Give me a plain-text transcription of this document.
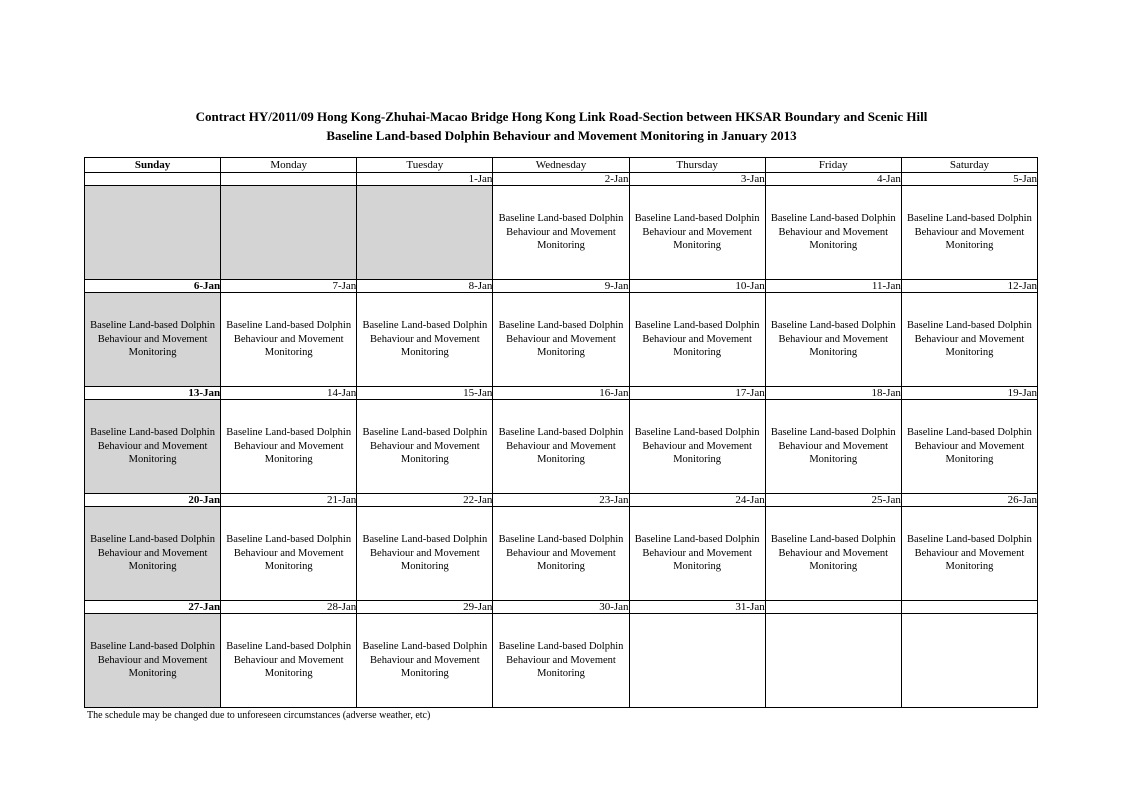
Contract HY/2011/09 Hong Kong-Zhuhai-Macao Bridge Hong Kong Link Road-Section between HKSAR Boundary and Scenic Hill
Baseline Land-based Dolphin Behaviour and Movement Monitoring in January 2013
Sunday	Monday	Tuesday	Wednesday	Thursday	Friday	Saturday
		1-Jan	2-Jan	3-Jan	4-Jan	5-Jan
			Baseline Land-based Dolphin Behaviour and Movement Monitoring	Baseline Land-based Dolphin Behaviour and Movement Monitoring	Baseline Land-based Dolphin Behaviour and Movement Monitoring	Baseline Land-based Dolphin Behaviour and Movement Monitoring
6-Jan	7-Jan	8-Jan	9-Jan	10-Jan	11-Jan	12-Jan
Baseline Land-based Dolphin Behaviour and Movement Monitoring	Baseline Land-based Dolphin Behaviour and Movement Monitoring	Baseline Land-based Dolphin Behaviour and Movement Monitoring	Baseline Land-based Dolphin Behaviour and Movement Monitoring	Baseline Land-based Dolphin Behaviour and Movement Monitoring	Baseline Land-based Dolphin Behaviour and Movement Monitoring	Baseline Land-based Dolphin Behaviour and Movement Monitoring
13-Jan	14-Jan	15-Jan	16-Jan	17-Jan	18-Jan	19-Jan
Baseline Land-based Dolphin Behaviour and Movement Monitoring	Baseline Land-based Dolphin Behaviour and Movement Monitoring	Baseline Land-based Dolphin Behaviour and Movement Monitoring	Baseline Land-based Dolphin Behaviour and Movement Monitoring	Baseline Land-based Dolphin Behaviour and Movement Monitoring	Baseline Land-based Dolphin Behaviour and Movement Monitoring	Baseline Land-based Dolphin Behaviour and Movement Monitoring
20-Jan	21-Jan	22-Jan	23-Jan	24-Jan	25-Jan	26-Jan
Baseline Land-based Dolphin Behaviour and Movement Monitoring	Baseline Land-based Dolphin Behaviour and Movement Monitoring	Baseline Land-based Dolphin Behaviour and Movement Monitoring	Baseline Land-based Dolphin Behaviour and Movement Monitoring	Baseline Land-based Dolphin Behaviour and Movement Monitoring	Baseline Land-based Dolphin Behaviour and Movement Monitoring	Baseline Land-based Dolphin Behaviour and Movement Monitoring
27-Jan	28-Jan	29-Jan	30-Jan	31-Jan		
Baseline Land-based Dolphin Behaviour and Movement Monitoring	Baseline Land-based Dolphin Behaviour and Movement Monitoring	Baseline Land-based Dolphin Behaviour and Movement Monitoring	Baseline Land-based Dolphin Behaviour and Movement Monitoring			
The schedule may be changed due to unforeseen circumstances (adverse weather, etc)
